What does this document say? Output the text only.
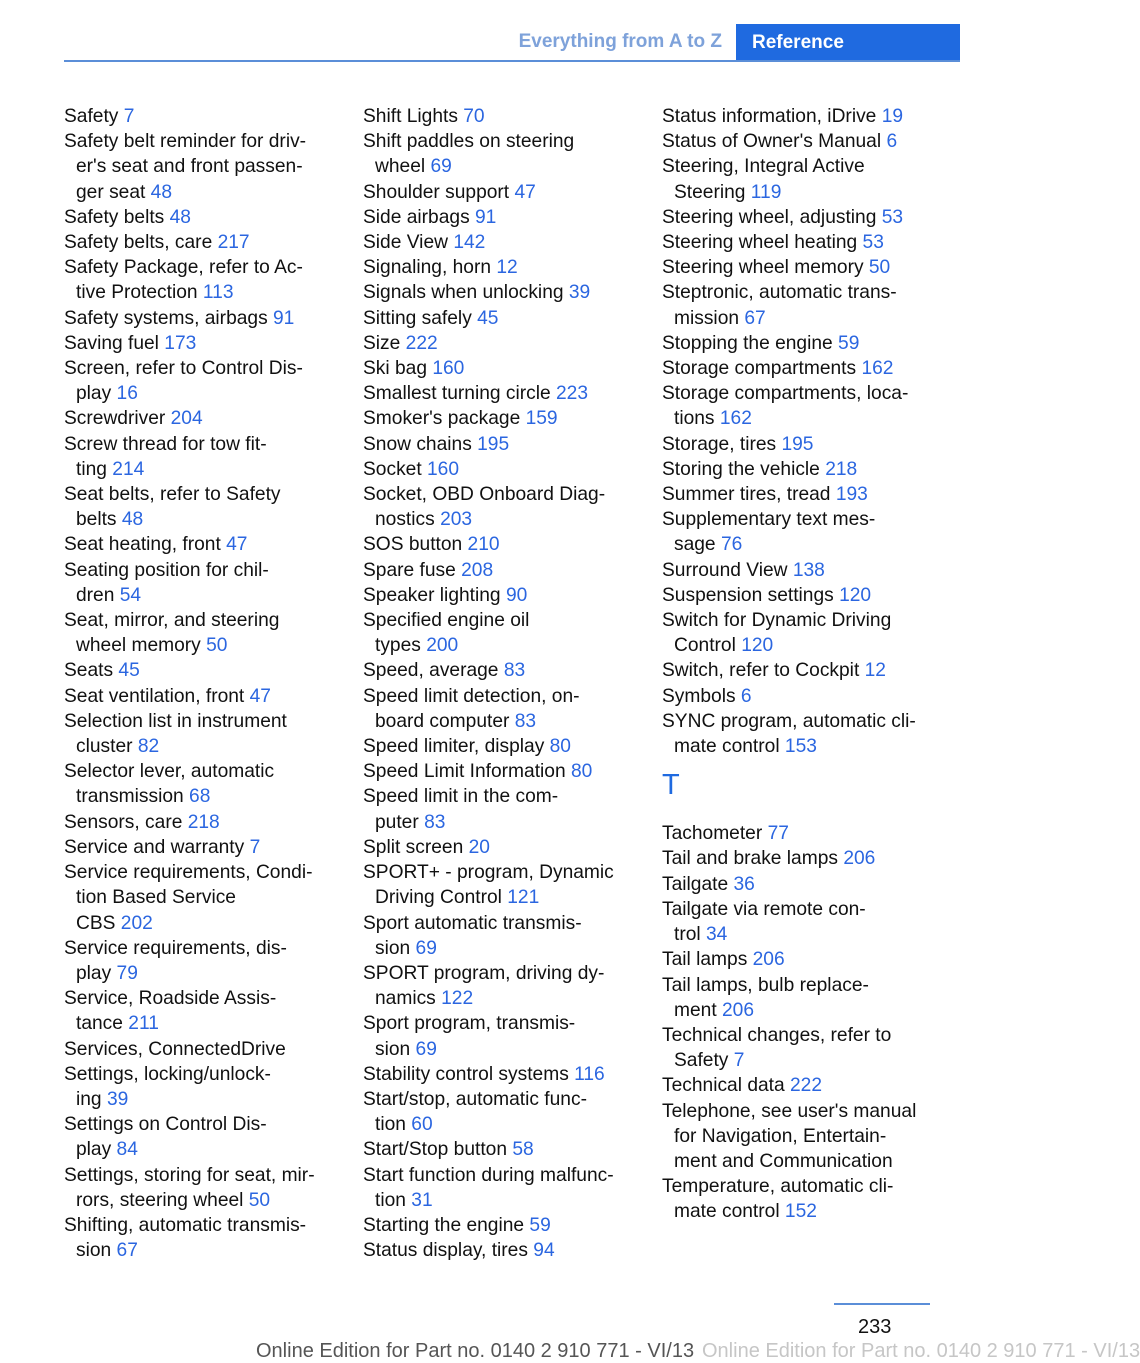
Everything from A to Z	Reference
Safety 7
Safety belt reminder for driv-
er's seat and front passen-
ger seat 48
Safety belts 48
Safety belts, care 217
Safety Package, refer to Ac-
tive Protection 113
Safety systems, airbags 91
Saving fuel 173
Screen, refer to Control Dis-
play 16
Screwdriver 204
Screw thread for tow fit-
ting 214
Seat belts, refer to Safety
belts 48
Seat heating, front 47
Seating position for chil-
dren 54
Seat, mirror, and steering
wheel memory 50
Seats 45
Seat ventilation, front 47
Selection list in instrument
cluster 82
Selector lever, automatic
transmission 68
Sensors, care 218
Service and warranty 7
Service requirements, Condi-
tion Based Service
CBS 202
Service requirements, dis-
play 79
Service, Roadside Assis-
tance 211
Services, ConnectedDrive
Settings, locking/unlock-
ing 39
Settings on Control Dis-
play 84
Settings, storing for seat, mir-
rors, steering wheel 50
Shifting, automatic transmis-
sion 67
Shift Lights 70
Shift paddles on steering
wheel 69
Shoulder support 47
Side airbags 91
Side View 142
Signaling, horn 12
Signals when unlocking 39
Sitting safely 45
Size 222
Ski bag 160
Smallest turning circle 223
Smoker's package 159
Snow chains 195
Socket 160
Socket, OBD Onboard Diag-
nostics 203
SOS button 210
Spare fuse 208
Speaker lighting 90
Specified engine oil
types 200
Speed, average 83
Speed limit detection, on-
board computer 83
Speed limiter, display 80
Speed Limit Information 80
Speed limit in the com-
puter 83
Split screen 20
SPORT+ - program, Dynamic
Driving Control 121
Sport automatic transmis-
sion 69
SPORT program, driving dy-
namics 122
Sport program, transmis-
sion 69
Stability control systems 116
Start/stop, automatic func-
tion 60
Start/Stop button 58
Start function during malfunc-
tion 31
Starting the engine 59
Status display, tires 94
Status information, iDrive 19
Status of Owner's Manual 6
Steering, Integral Active
Steering 119
Steering wheel, adjusting 53
Steering wheel heating 53
Steering wheel memory 50
Steptronic, automatic trans-
mission 67
Stopping the engine 59
Storage compartments 162
Storage compartments, loca-
tions 162
Storage, tires 195
Storing the vehicle 218
Summer tires, tread 193
Supplementary text mes-
sage 76
Surround View 138
Suspension settings 120
Switch for Dynamic Driving
Control 120
Switch, refer to Cockpit 12
Symbols 6
SYNC program, automatic cli-
mate control 153
T
Tachometer 77
Tail and brake lamps 206
Tailgate 36
Tailgate via remote con-
trol 34
Tail lamps 206
Tail lamps, bulb replace-
ment 206
Technical changes, refer to
Safety 7
Technical data 222
Telephone, see user's manual
for Navigation, Entertain-
ment and Communication
Temperature, automatic cli-
mate control 152
233
Online Edition for Part no. 0140 2 910 771 - VI/13 Online Edition for Part no. 0140 2 910 771 - VI/13
